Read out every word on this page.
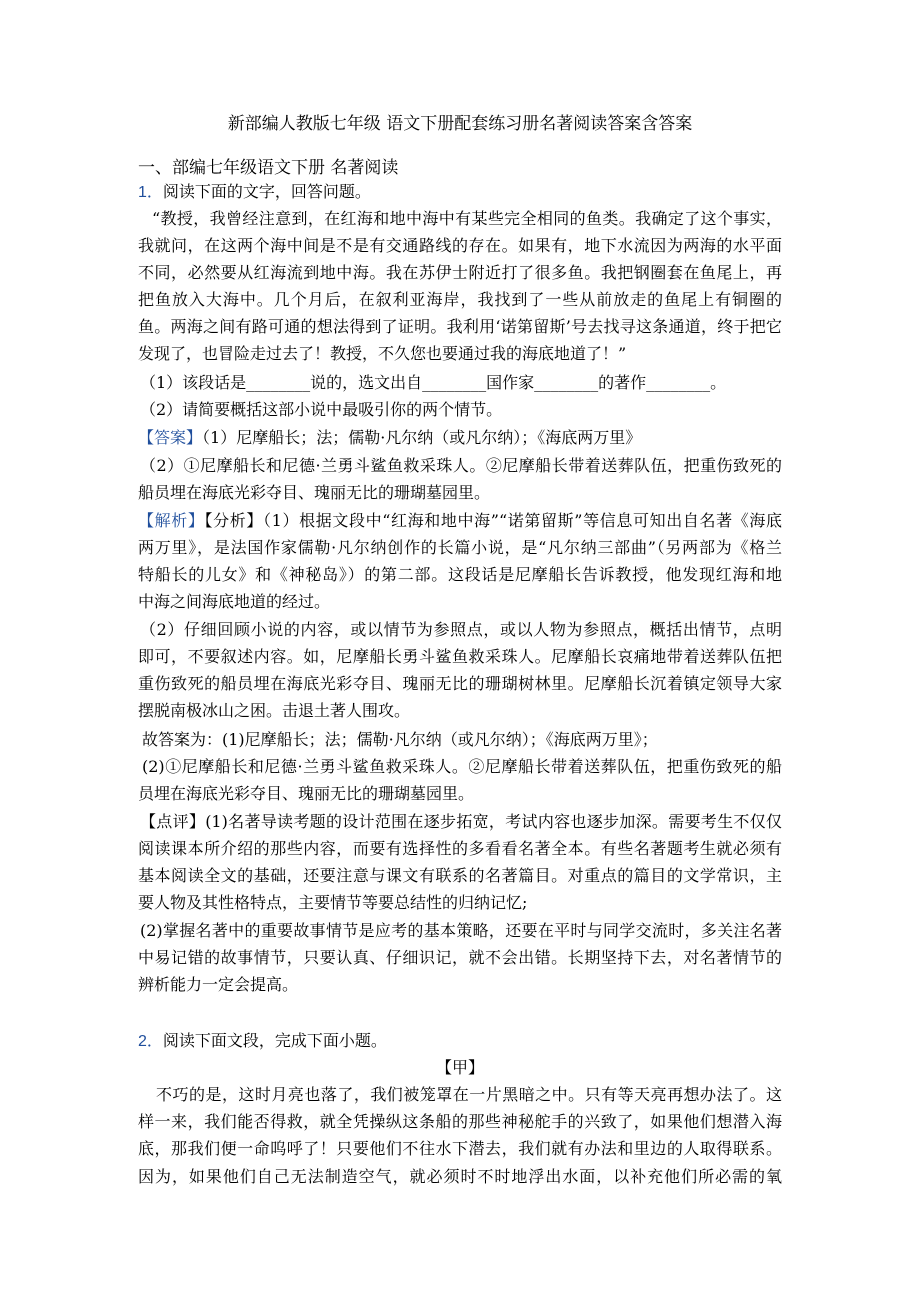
新部编人教版七年级 语文下册配套练习册名著阅读答案含答案
一、部编七年级语文下册 名著阅读
1．阅读下面的文字，回答问题。
“教授，我曾经注意到，在红海和地中海中有某些完全相同的鱼类。我确定了这个事实，
我就问，在这两个海中间是不是有交通路线的存在。如果有，地下水流因为两海的水平面
不同，必然要从红海流到地中海。我在苏伊士附近打了很多鱼。我把钢圈套在鱼尾上，再
把鱼放入大海中。几个月后，在叙利亚海岸，我找到了一些从前放走的鱼尾上有铜圈的
鱼。两海之间有路可通的想法得到了证明。我利用‘诺第留斯’号去找寻这条通道，终于把它
发现了，也冒险走过去了！教授，不久您也要通过我的海底地道了！”
（1）该段话是________说的，选文出自________国作家________的著作________。
（2）请简要概括这部小说中最吸引你的两个情节。
【答案】（1）尼摩船长；法；儒勒·凡尔纳（或凡尔纳）；《海底两万里》
（2）①尼摩船长和尼德·兰勇斗鲨鱼救采珠人。②尼摩船长带着送葬队伍，把重伤致死的
船员埋在海底光彩夺目、瑰丽无比的珊瑚墓园里。
【解析】【分析】（1）根据文段中“红海和地中海”“诺第留斯”等信息可知出自名著《海底
两万里》，是法国作家儒勒·凡尔纳创作的长篇小说，是“凡尔纳三部曲”（另两部为《格兰
特船长的儿女》和《神秘岛》）的第二部。这段话是尼摩船长告诉教授，他发现红海和地
中海之间海底地道的经过。
（2）仔细回顾小说的内容，或以情节为参照点，或以人物为参照点，概括出情节，点明
即可，不要叙述内容。如，尼摩船长勇斗鲨鱼救采珠人。尼摩船长哀痛地带着送葬队伍把
重伤致死的船员埋在海底光彩夺目、瑰丽无比的珊瑚树林里。尼摩船长沉着镇定领导大家
摆脱南极冰山之困。击退土著人围攻。
故答案为：(1)尼摩船长；法；儒勒·凡尔纳（或凡尔纳）；《海底两万里》；
(2)①尼摩船长和尼德·兰勇斗鲨鱼救采珠人。②尼摩船长带着送葬队伍，把重伤致死的船
员埋在海底光彩夺目、瑰丽无比的珊瑚墓园里。
【点评】(1)名著导读考题的设计范围在逐步拓宽，考试内容也逐步加深。需要考生不仅仅
阅读课本所介绍的那些内容，而要有选择性的多看看名著全本。有些名著题考生就必须有
基本阅读全文的基础，还要注意与课文有联系的名著篇目。对重点的篇目的文学常识，主
要人物及其性格特点，主要情节等要总结性的归纳记忆;
(2)掌握名著中的重要故事情节是应考的基本策略，还要在平时与同学交流时，多关注名著
中易记错的故事情节，只要认真、仔细识记，就不会出错。长期坚持下去，对名著情节的
辨析能力一定会提高。
2．阅读下面文段，完成下面小题。
【甲】
不巧的是，这时月亮也落了，我们被笼罩在一片黑暗之中。只有等天亮再想办法了。这
样一来，我们能否得救，就全凭操纵这条船的那些神秘舵手的兴致了，如果他们想潜入海
底，那我们便一命呜呼了！只要他们不往水下潜去，我们就有办法和里边的人取得联系。
因为，如果他们自己无法制造空气，就必须时不时地浮出水面，以补充他们所必需的氧
